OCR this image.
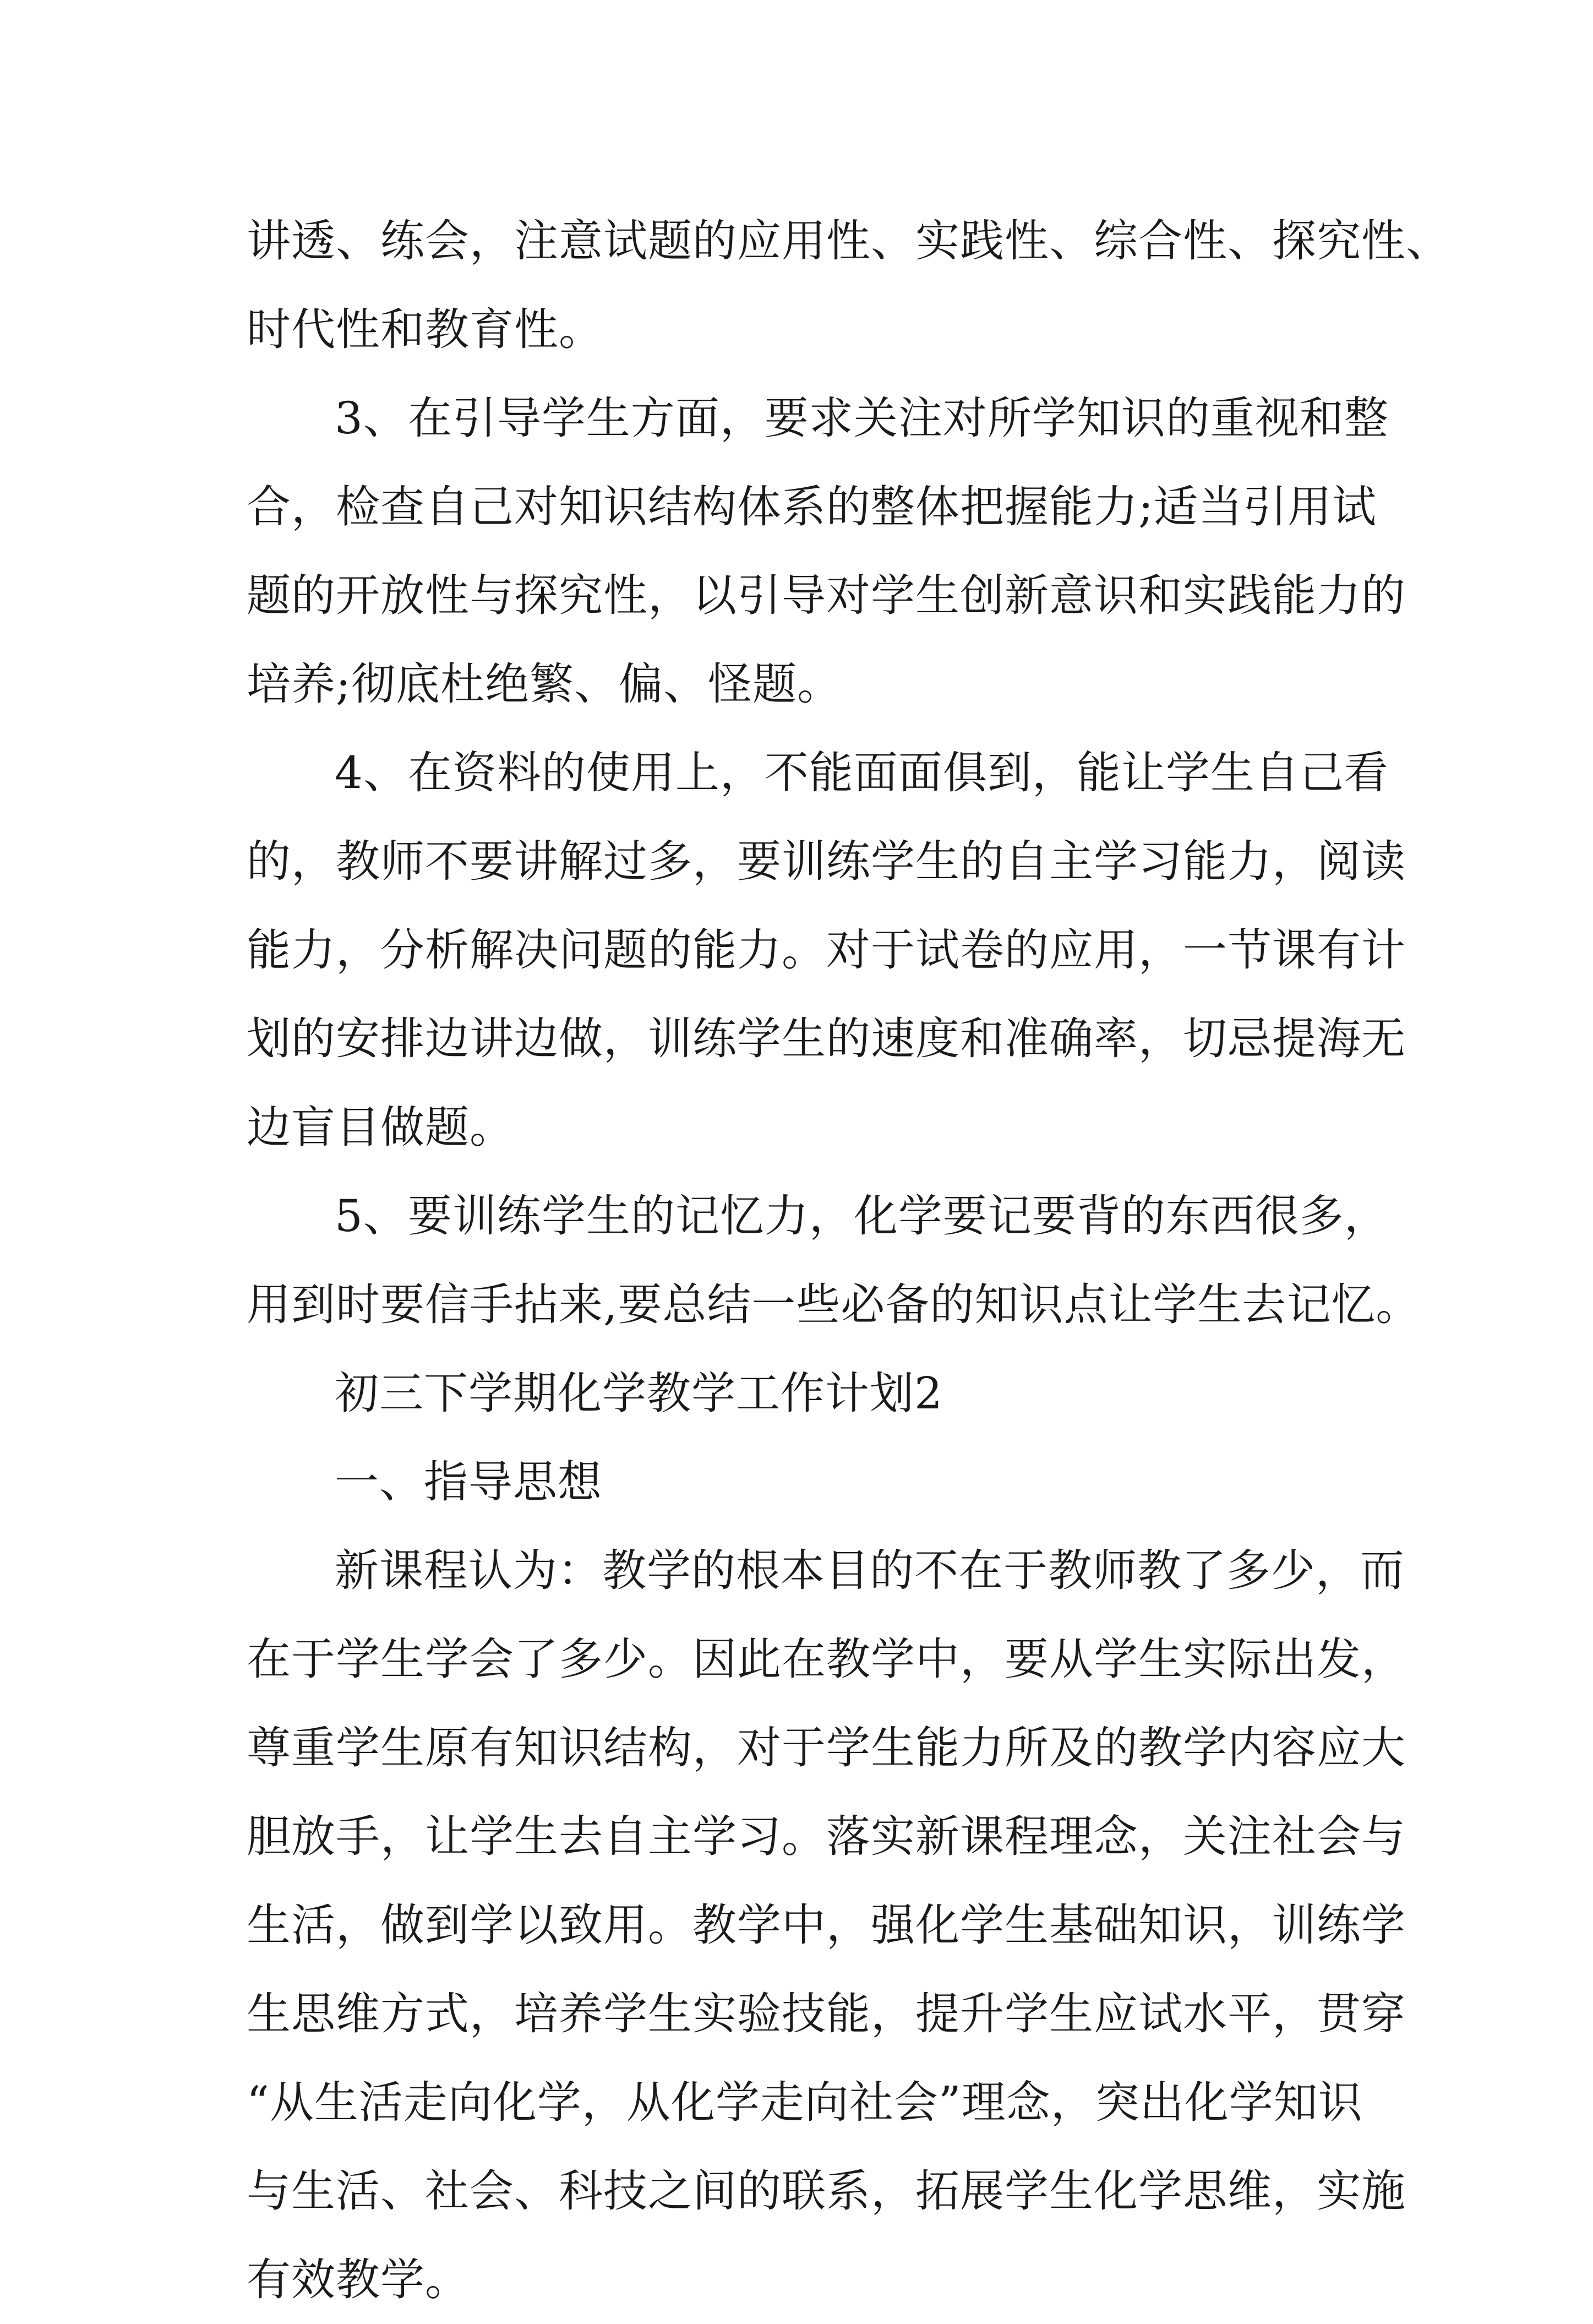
讲透、练会，注意试题的应用性、实践性、综合性、探究性、

时代性和教育性。

3、在引导学生方面，要求关注对所学知识的重视和整

合，检查自己对知识结构体系的整体把握能力;适当引用试

题的开放性与探究性，以引导对学生创新意识和实践能力的

培养;彻底杜绝繁、偏、怪题。

4、在资料的使用上，不能面面俱到，能让学生自己看

的，教师不要讲解过多，要训练学生的自主学习能力，阅读

能力，分析解决问题的能力。对于试卷的应用，一节课有计

划的安排边讲边做，训练学生的速度和准确率，切忌提海无

边盲目做题。

5、要训练学生的记忆力，化学要记要背的东西很多，

用到时要信手拈来,要总结一些必备的知识点让学生去记忆。

初三下学期化学教学工作计划2

一、指导思想

新课程认为：教学的根本目的不在于教师教了多少，而

在于学生学会了多少。因此在教学中，要从学生实际出发，

尊重学生原有知识结构，对于学生能力所及的教学内容应大

胆放手，让学生去自主学习。落实新课程理念，关注社会与

生活，做到学以致用。教学中，强化学生基础知识，训练学

生思维方式，培养学生实验技能，提升学生应试水平，贯穿

“从生活走向化学，从化学走向社会”理念，突出化学知识

与生活、社会、科技之间的联系，拓展学生化学思维，实施

有效教学。
